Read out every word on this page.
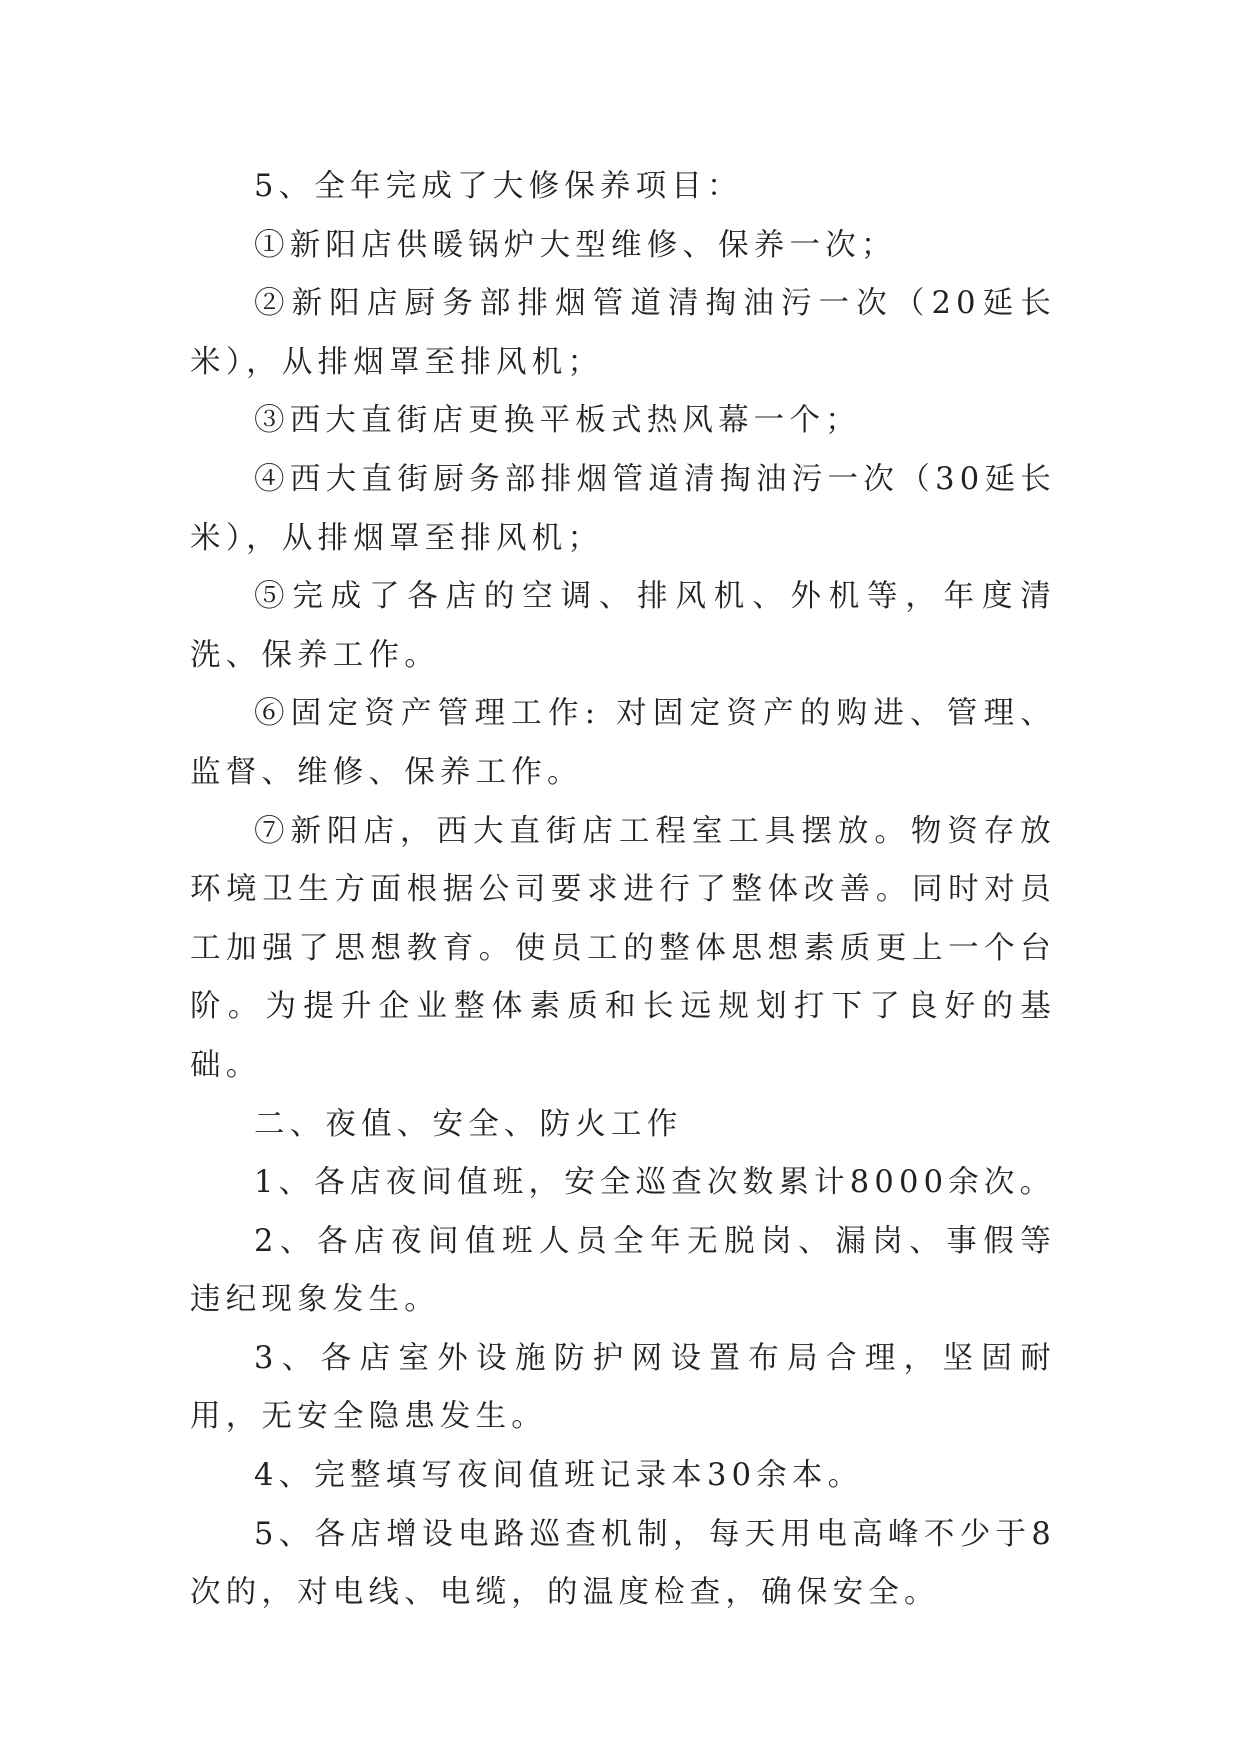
5、全年完成了大修保养项目：

①新阳店供暖锅炉大型维修、保养一次；

②新阳店厨务部排烟管道清掏油污一次（20延长米），从排烟罩至排风机；

③西大直街店更换平板式热风幕一个；

④西大直街厨务部排烟管道清掏油污一次（30延长米），从排烟罩至排风机；

⑤完成了各店的空调、排风机、外机等，年度清洗、保养工作。

⑥固定资产管理工作: 对固定资产的购进、管理、监督、维修、保养工作。

⑦新阳店，西大直街店工程室工具摆放。物资存放环境卫生方面根据公司要求进行了整体改善。同时对员工加强了思想教育。使员工的整体思想素质更上一个台阶。为提升企业整体素质和长远规划打下了良好的基础。

二、夜值、安全、防火工作

1、各店夜间值班，安全巡查次数累计8000余次。

2、各店夜间值班人员全年无脱岗、漏岗、事假等违纪现象发生。

3、各店室外设施防护网设置布局合理，坚固耐用，无安全隐患发生。

4、完整填写夜间值班记录本30余本。

5、各店增设电路巡查机制，每天用电高峰不少于8次的，对电线、电缆，的温度检查，确保安全。
